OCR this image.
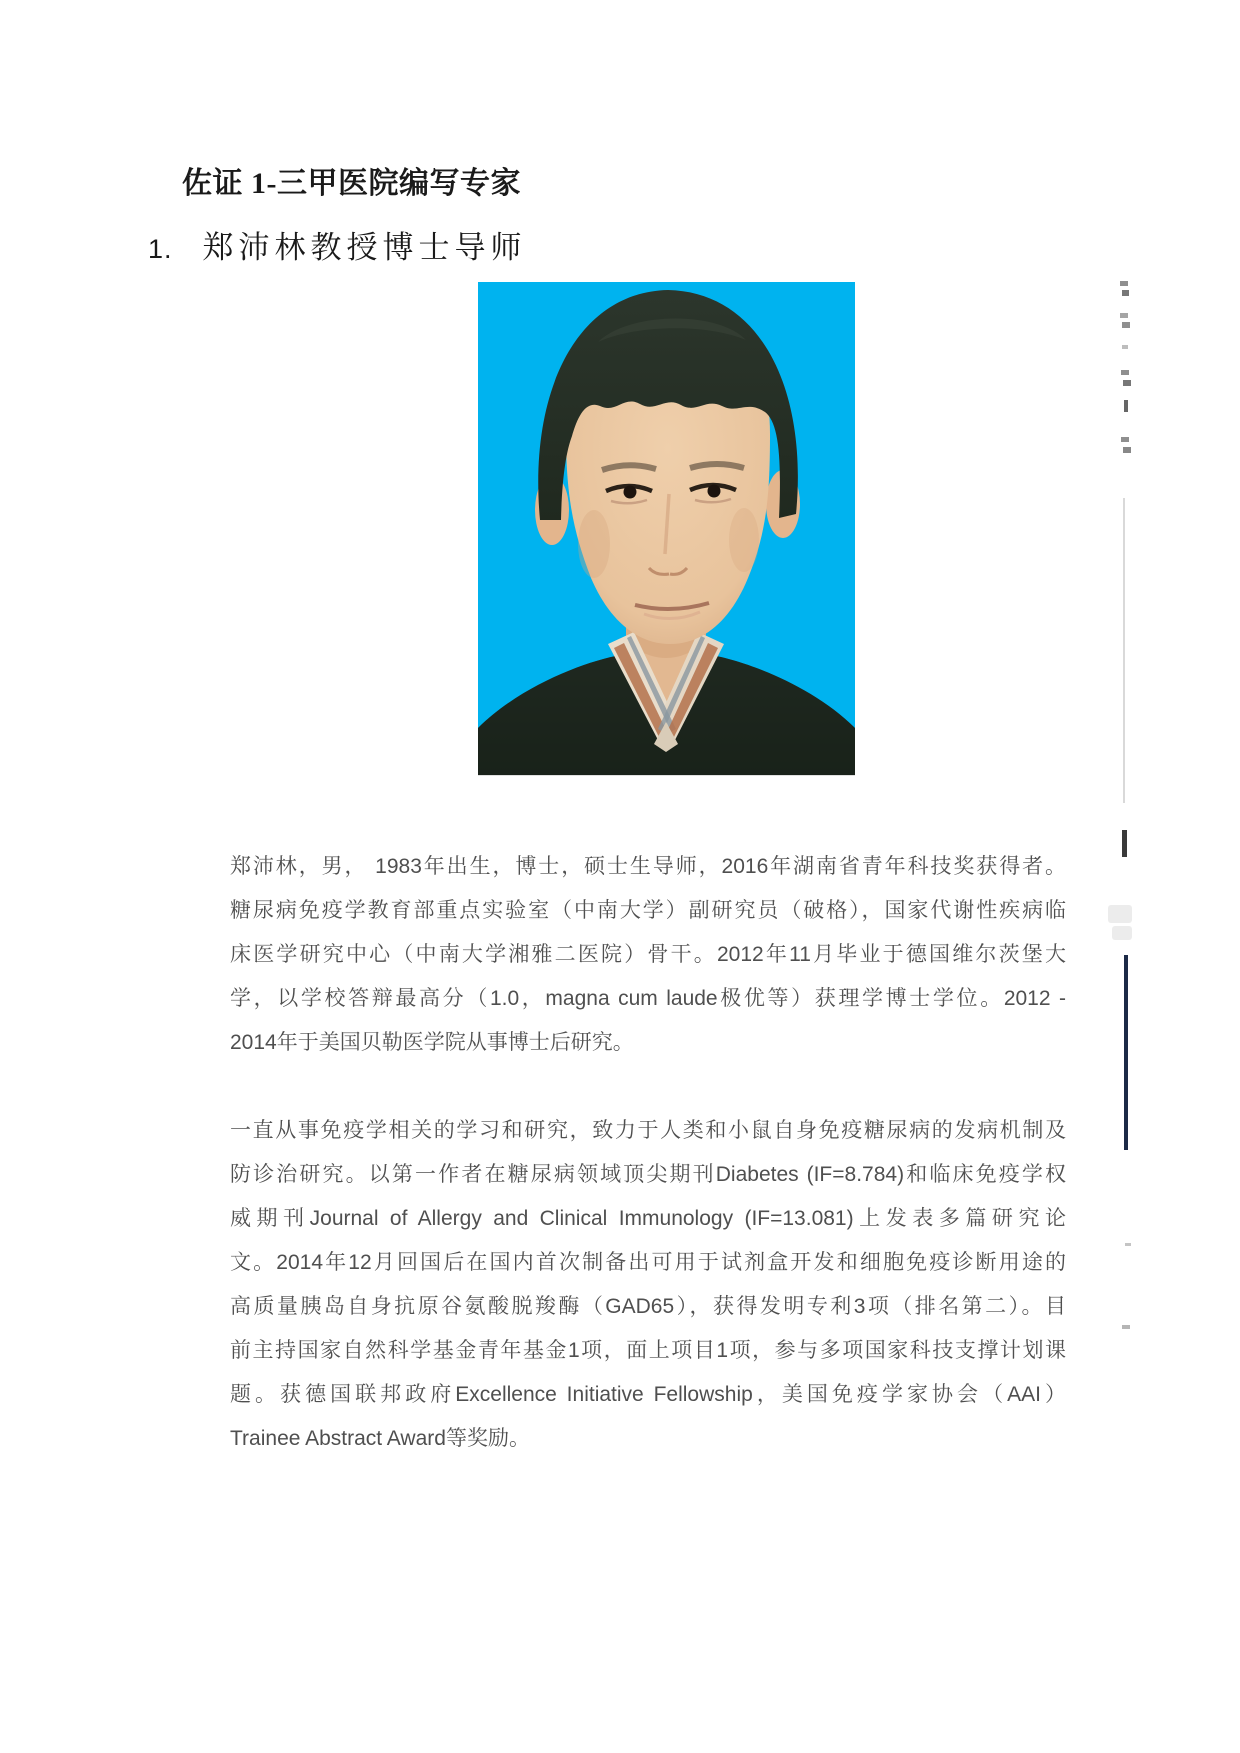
佐证 1-三甲医院编写专家
1. 郑沛林教授博士导师
郑沛林，男， 1983年出生，博士，硕士生导师，2016年湖南省青年科技奖获得者。
糖尿病免疫学教育部重点实验室（中南大学）副研究员（破格），国家代谢性疾病临
床医学研究中心（中南大学湘雅二医院）骨干。2012年11月毕业于德国维尔茨堡大
学，以学校答辩最高分（1.0，magna cum laude极优等）获理学博士学位。2012 -
2014年于美国贝勒医学院从事博士后研究。
一直从事免疫学相关的学习和研究，致力于人类和小鼠自身免疫糖尿病的发病机制及
防诊治研究。以第一作者在糖尿病领域顶尖期刊Diabetes (IF=8.784)和临床免疫学权
威期刊Journal of Allergy and Clinical Immunology (IF=13.081)上发表多篇研究论
文。2014年12月回国后在国内首次制备出可用于试剂盒开发和细胞免疫诊断用途的
高质量胰岛自身抗原谷氨酸脱羧酶（GAD65），获得发明专利3项（排名第二）。目
前主持国家自然科学基金青年基金1项，面上项目1项，参与多项国家科技支撑计划课
题。获德国联邦政府Excellence Initiative Fellowship，美国免疫学家协会（AAI）
Trainee Abstract Award等奖励。
